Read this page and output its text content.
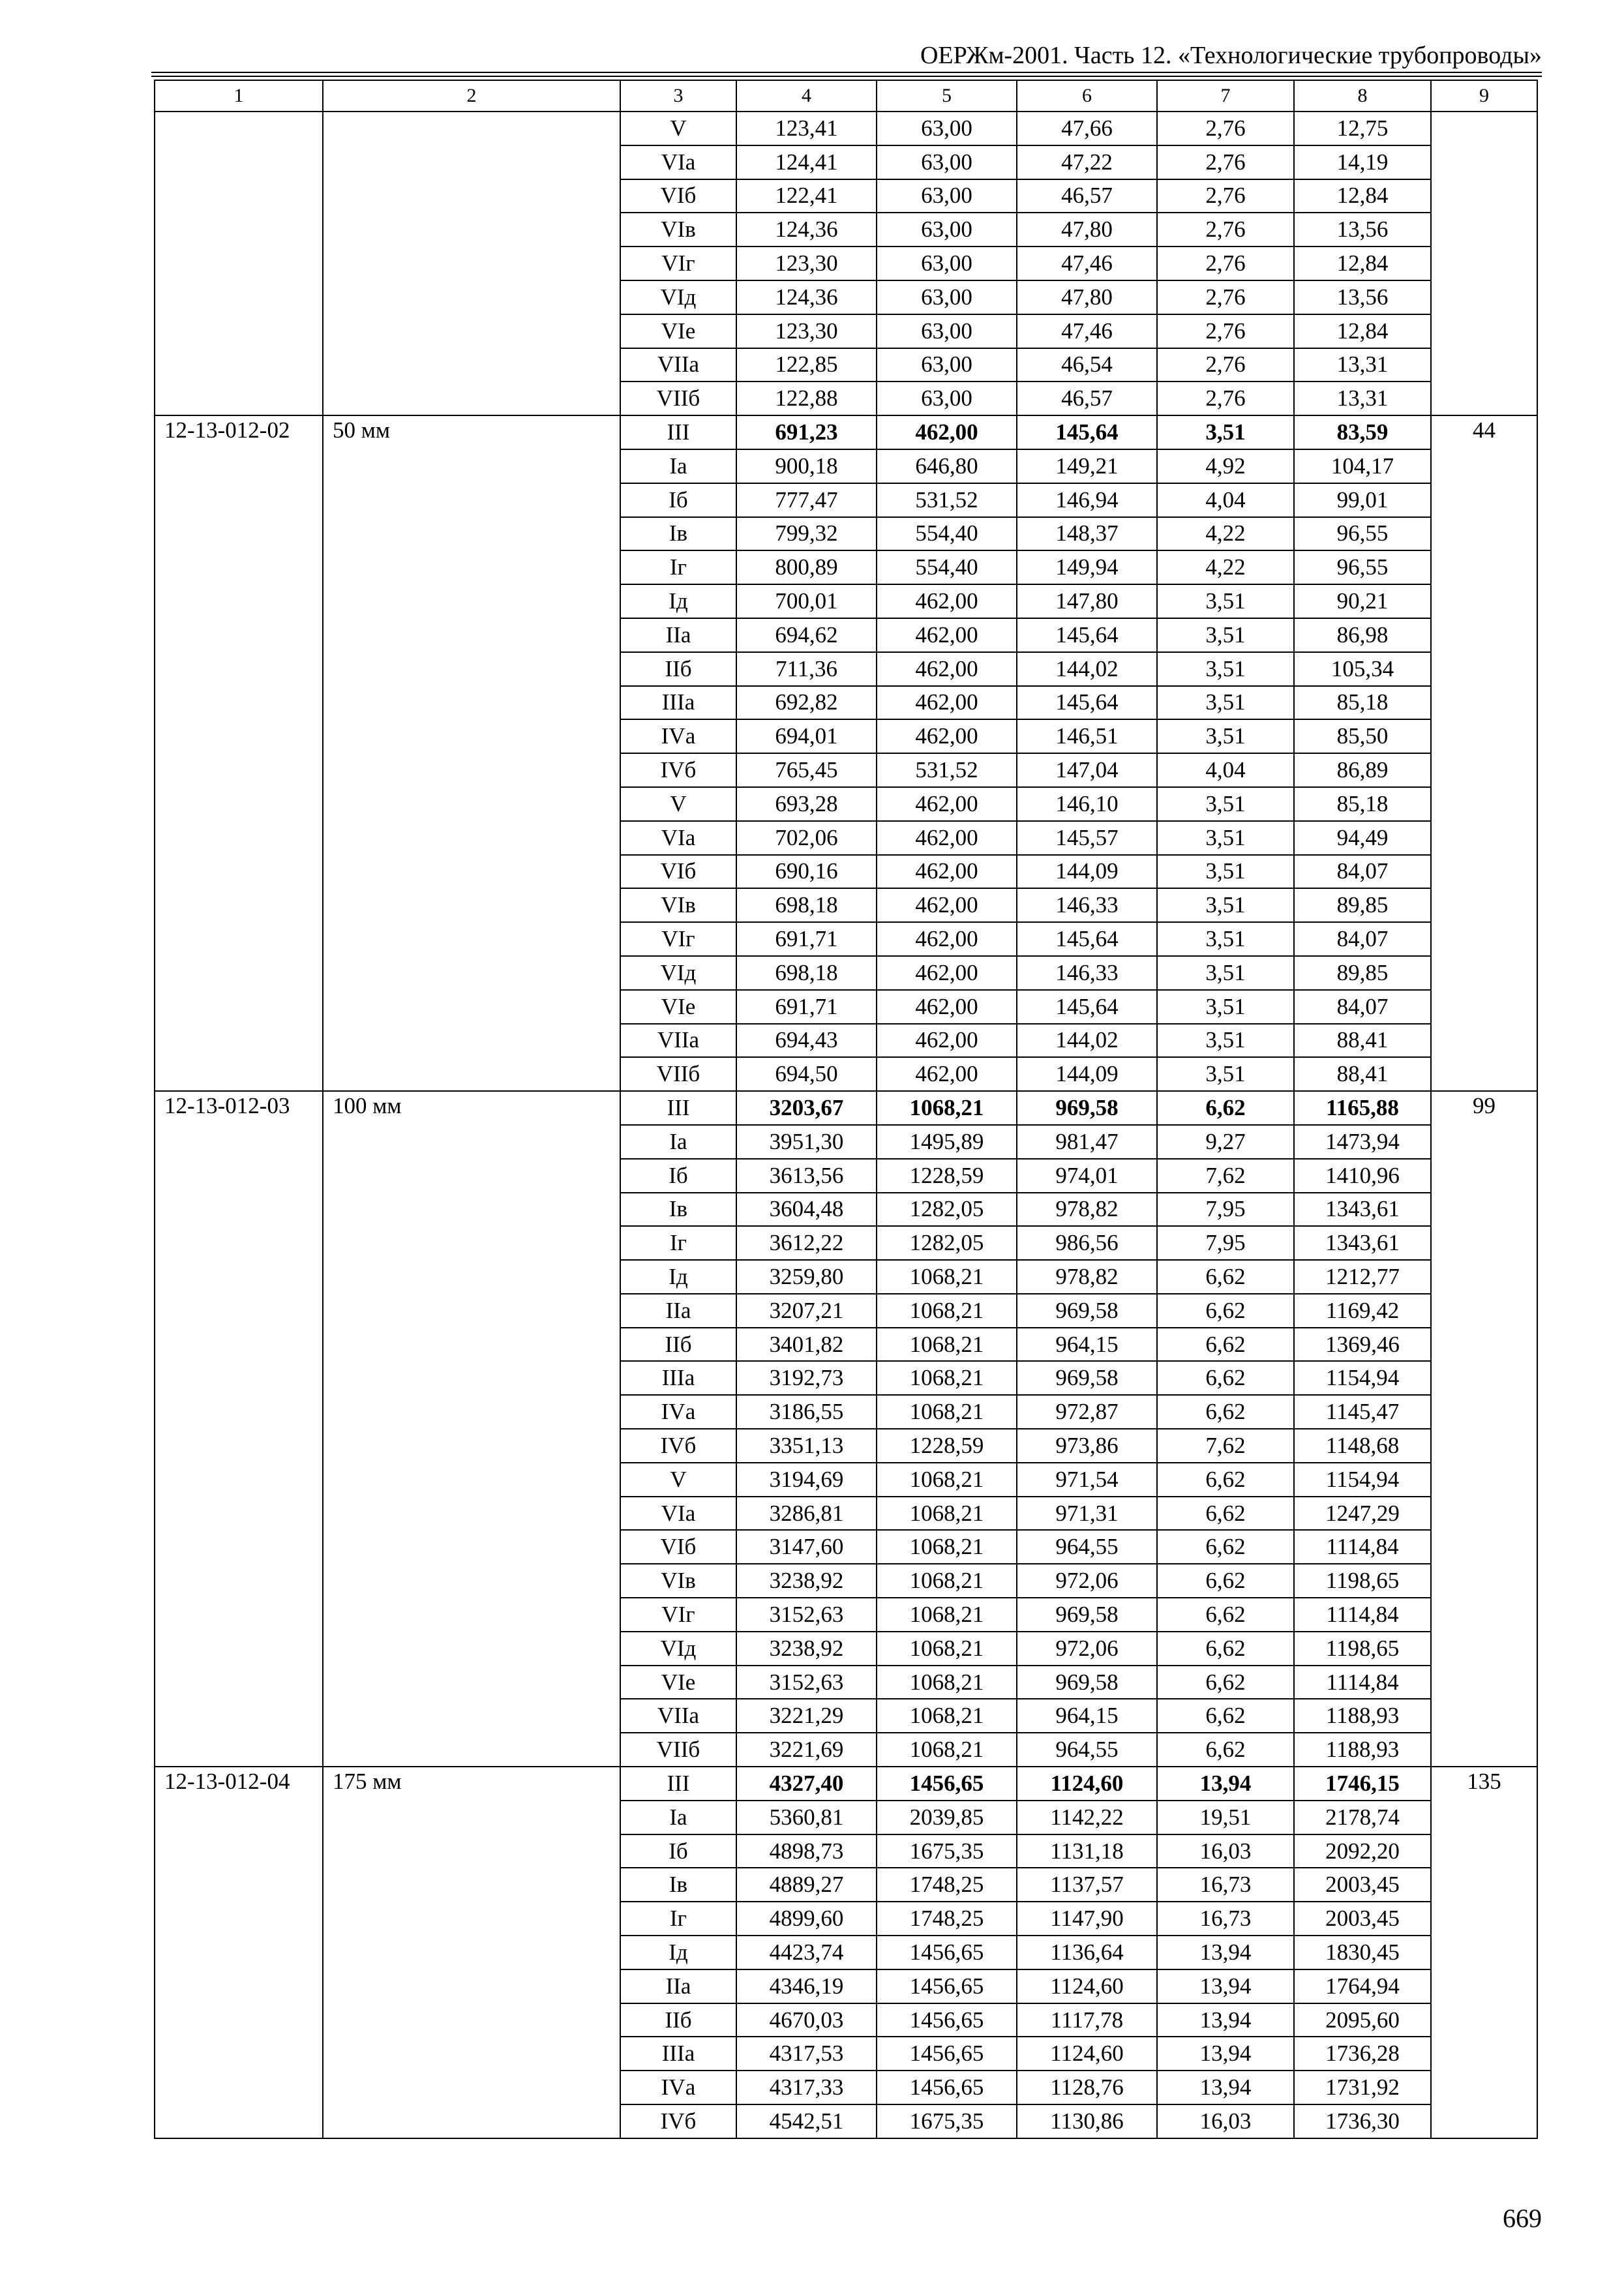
ОЕРЖм-2001. Часть 12. «Технологические трубопроводы»
1	2	3	4	5	6	7	8	9
		V	123,41	63,00	47,66	2,76	12,75	
		VIа	124,41	63,00	47,22	2,76	14,19	
		VIб	122,41	63,00	46,57	2,76	12,84	
		VIв	124,36	63,00	47,80	2,76	13,56	
		VIг	123,30	63,00	47,46	2,76	12,84	
		VIд	124,36	63,00	47,80	2,76	13,56	
		VIе	123,30	63,00	47,46	2,76	12,84	
		VIIа	122,85	63,00	46,54	2,76	13,31	
		VIIб	122,88	63,00	46,57	2,76	13,31	
12-13-012-02	50 мм	III	691,23	462,00	145,64	3,51	83,59	44
		Iа	900,18	646,80	149,21	4,92	104,17	
		Iб	777,47	531,52	146,94	4,04	99,01	
		Iв	799,32	554,40	148,37	4,22	96,55	
		Iг	800,89	554,40	149,94	4,22	96,55	
		Iд	700,01	462,00	147,80	3,51	90,21	
		IIа	694,62	462,00	145,64	3,51	86,98	
		IIб	711,36	462,00	144,02	3,51	105,34	
		IIIа	692,82	462,00	145,64	3,51	85,18	
		IVа	694,01	462,00	146,51	3,51	85,50	
		IVб	765,45	531,52	147,04	4,04	86,89	
		V	693,28	462,00	146,10	3,51	85,18	
		VIа	702,06	462,00	145,57	3,51	94,49	
		VIб	690,16	462,00	144,09	3,51	84,07	
		VIв	698,18	462,00	146,33	3,51	89,85	
		VIг	691,71	462,00	145,64	3,51	84,07	
		VIд	698,18	462,00	146,33	3,51	89,85	
		VIе	691,71	462,00	145,64	3,51	84,07	
		VIIа	694,43	462,00	144,02	3,51	88,41	
		VIIб	694,50	462,00	144,09	3,51	88,41	
12-13-012-03	100 мм	III	3203,67	1068,21	969,58	6,62	1165,88	99
		Iа	3951,30	1495,89	981,47	9,27	1473,94	
		Iб	3613,56	1228,59	974,01	7,62	1410,96	
		Iв	3604,48	1282,05	978,82	7,95	1343,61	
		Iг	3612,22	1282,05	986,56	7,95	1343,61	
		Iд	3259,80	1068,21	978,82	6,62	1212,77	
		IIа	3207,21	1068,21	969,58	6,62	1169,42	
		IIб	3401,82	1068,21	964,15	6,62	1369,46	
		IIIа	3192,73	1068,21	969,58	6,62	1154,94	
		IVа	3186,55	1068,21	972,87	6,62	1145,47	
		IVб	3351,13	1228,59	973,86	7,62	1148,68	
		V	3194,69	1068,21	971,54	6,62	1154,94	
		VIа	3286,81	1068,21	971,31	6,62	1247,29	
		VIб	3147,60	1068,21	964,55	6,62	1114,84	
		VIв	3238,92	1068,21	972,06	6,62	1198,65	
		VIг	3152,63	1068,21	969,58	6,62	1114,84	
		VIд	3238,92	1068,21	972,06	6,62	1198,65	
		VIе	3152,63	1068,21	969,58	6,62	1114,84	
		VIIа	3221,29	1068,21	964,15	6,62	1188,93	
		VIIб	3221,69	1068,21	964,55	6,62	1188,93	
12-13-012-04	175 мм	III	4327,40	1456,65	1124,60	13,94	1746,15	135
		Iа	5360,81	2039,85	1142,22	19,51	2178,74	
		Iб	4898,73	1675,35	1131,18	16,03	2092,20	
		Iв	4889,27	1748,25	1137,57	16,73	2003,45	
		Iг	4899,60	1748,25	1147,90	16,73	2003,45	
		Iд	4423,74	1456,65	1136,64	13,94	1830,45	
		IIа	4346,19	1456,65	1124,60	13,94	1764,94	
		IIб	4670,03	1456,65	1117,78	13,94	2095,60	
		IIIа	4317,53	1456,65	1124,60	13,94	1736,28	
		IVа	4317,33	1456,65	1128,76	13,94	1731,92	
		IVб	4542,51	1675,35	1130,86	16,03	1736,30	
669
